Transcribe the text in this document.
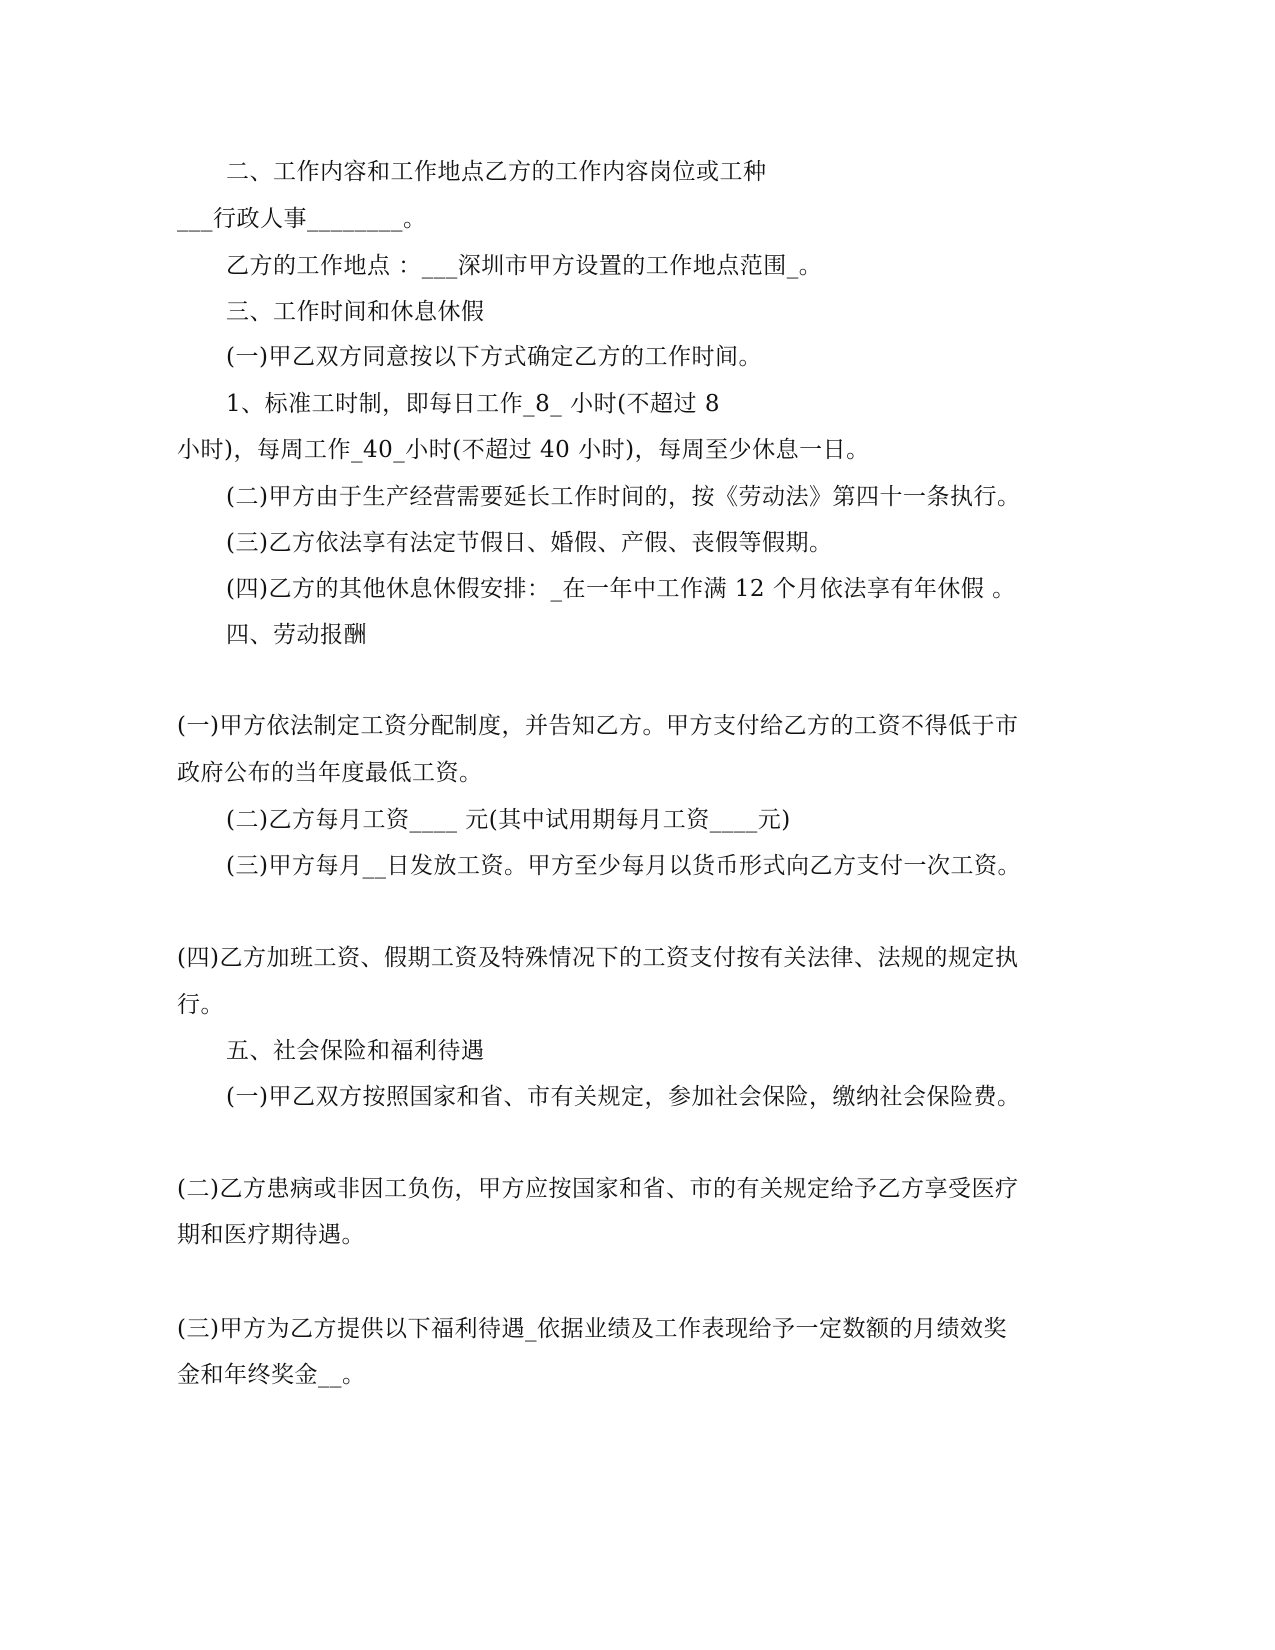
二、工作内容和工作地点乙方的工作内容岗位或工种
___行政人事________。
乙方的工作地点 ：___深圳市甲方设置的工作地点范围_。
三、工作时间和休息休假
(一)甲乙双方同意按以下方式确定乙方的工作时间。
1、标准工时制，即每日工作_8_ 小时(不超过 8
小时)，每周工作_40_小时(不超过 40 小时)，每周至少休息一日。
(二)甲方由于生产经营需要延长工作时间的，按《劳动法》第四十一条执行。
(三)乙方依法享有法定节假日、婚假、产假、丧假等假期。
(四)乙方的其他休息休假安排：_在一年中工作满 12 个月依法享有年休假 。
四、劳动报酬
(一)甲方依法制定工资分配制度，并告知乙方。甲方支付给乙方的工资不得低于市
政府公布的当年度最低工资。
(二)乙方每月工资____ 元(其中试用期每月工资____元)
(三)甲方每月__日发放工资。甲方至少每月以货币形式向乙方支付一次工资。
(四)乙方加班工资、假期工资及特殊情况下的工资支付按有关法律、法规的规定执
行。
五、社会保险和福利待遇
(一)甲乙双方按照国家和省、市有关规定，参加社会保险，缴纳社会保险费。
(二)乙方患病或非因工负伤，甲方应按国家和省、市的有关规定给予乙方享受医疗
期和医疗期待遇。
(三)甲方为乙方提供以下福利待遇_依据业绩及工作表现给予一定数额的月绩效奖
金和年终奖金__。
